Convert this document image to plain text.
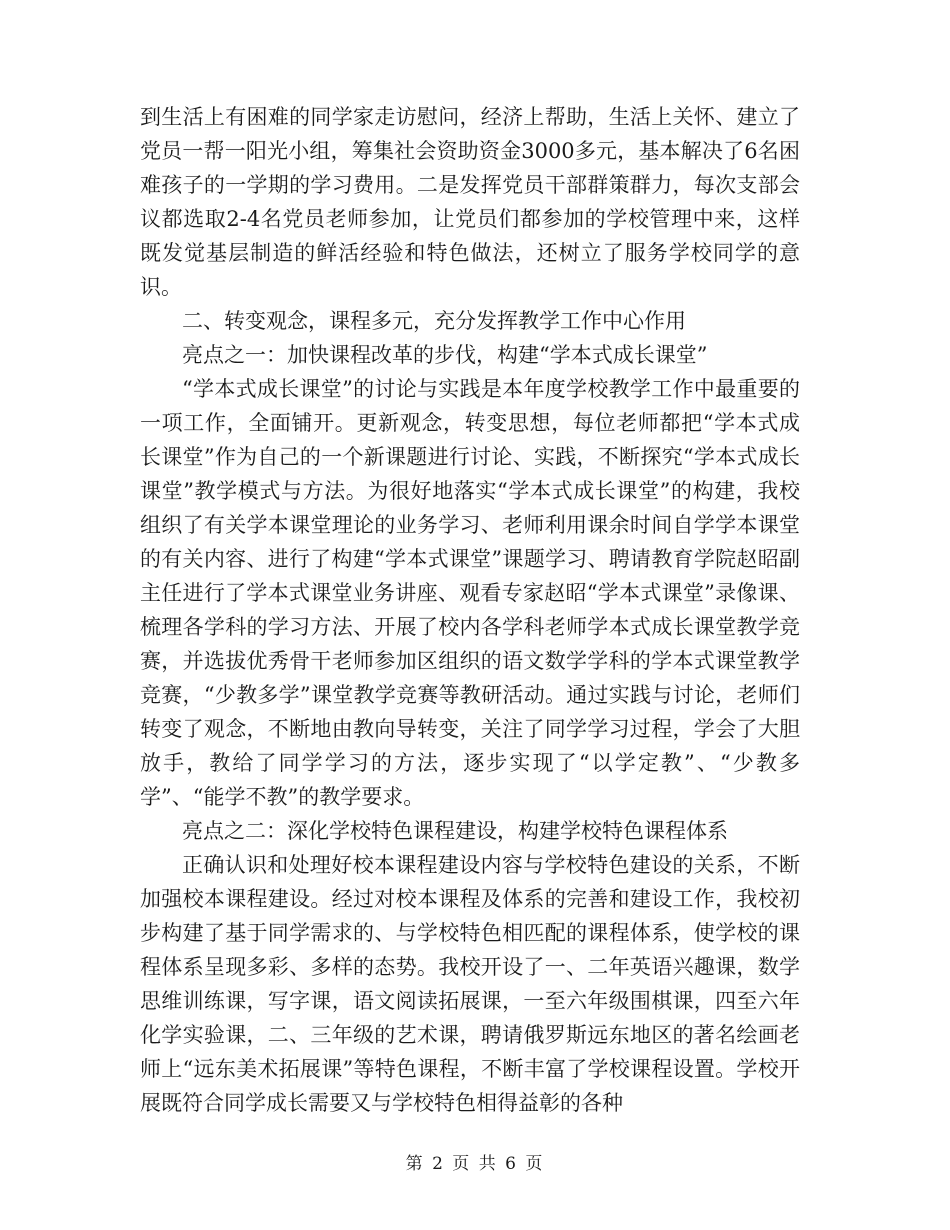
到生活上有困难的同学家走访慰问，经济上帮助，生活上关怀、建立了党员一帮一阳光小组，筹集社会资助资金3000多元，基本解决了6名困难孩子的一学期的学习费用。二是发挥党员干部群策群力，每次支部会议都选取2-4名党员老师参加，让党员们都参加的学校管理中来，这样既发觉基层制造的鲜活经验和特色做法，还树立了服务学校同学的意识。

二、转变观念，课程多元，充分发挥教学工作中心作用

亮点之一：加快课程改革的步伐，构建“学本式成长课堂”

“学本式成长课堂”的讨论与实践是本年度学校教学工作中最重要的一项工作，全面铺开。更新观念，转变思想，每位老师都把“学本式成长课堂”作为自己的一个新课题进行讨论、实践，不断探究“学本式成长课堂”教学模式与方法。为很好地落实“学本式成长课堂”的构建，我校组织了有关学本课堂理论的业务学习、老师利用课余时间自学学本课堂的有关内容、进行了构建“学本式课堂”课题学习、聘请教育学院赵昭副主任进行了学本式课堂业务讲座、观看专家赵昭“学本式课堂”录像课、梳理各学科的学习方法、开展了校内各学科老师学本式成长课堂教学竞赛，并选拔优秀骨干老师参加区组织的语文数学学科的学本式课堂教学竞赛，“少教多学”课堂教学竞赛等教研活动。通过实践与讨论，老师们转变了观念，不断地由教向导转变，关注了同学学习过程，学会了大胆放手，教给了同学学习的方法，逐步实现了“以学定教”、“少教多学”、“能学不教”的教学要求。

亮点之二：深化学校特色课程建设，构建学校特色课程体系

正确认识和处理好校本课程建设内容与学校特色建设的关系，不断加强校本课程建设。经过对校本课程及体系的完善和建设工作，我校初步构建了基于同学需求的、与学校特色相匹配的课程体系，使学校的课程体系呈现多彩、多样的态势。我校开设了一、二年英语兴趣课，数学思维训练课，写字课，语文阅读拓展课，一至六年级围棋课，四至六年化学实验课，二、三年级的艺术课，聘请俄罗斯远东地区的著名绘画老师上“远东美术拓展课”等特色课程，不断丰富了学校课程设置。学校开展既符合同学成长需要又与学校特色相得益彰的各种

第 2 页 共 6 页
